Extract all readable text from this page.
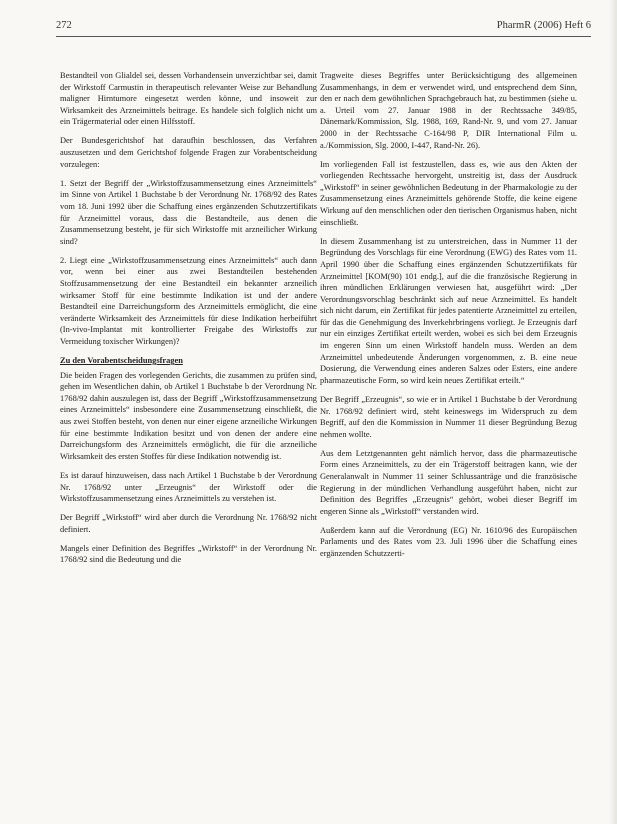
272	PharmR (2006) Heft 6

Bestandteil von Glialdel sei, dessen Vorhandensein unverzichtbar sei, damit der Wirkstoff Carmustin in therapeutisch relevanter Weise zur Behandlung maligner Hirntumore eingesetzt werden könne, und insoweit zur Wirksamkeit des Arzneimittels beitrage. Es handele sich folglich nicht um ein Trägermaterial oder einen Hilfsstoff.

Der Bundesgerichtshof hat daraufhin beschlossen, das Verfahren auszusetzen und dem Gerichtshof folgende Fragen zur Vorabentscheidung vorzulegen:

1. Setzt der Begriff der „Wirkstoffzusammensetzung eines Arzneimittels“ im Sinne von Artikel 1 Buchstabe b der Verordnung Nr. 1768/92 des Rates vom 18. Juni 1992 über die Schaffung eines ergänzenden Schutzzertifikats für Arzneimittel voraus, dass die Bestandteile, aus denen die Zusammensetzung besteht, je für sich Wirkstoffe mit arzneilicher Wirkung sind?

2. Liegt eine „Wirkstoffzusammensetzung eines Arzneimittels“ auch dann vor, wenn bei einer aus zwei Bestandteilen bestehenden Stoffzusammensetzung der eine Bestandteil ein bekannter arzneilich wirksamer Stoff für eine bestimmte Indikation ist und der andere Bestandteil eine Darreichungsform des Arzneimittels ermöglicht, die eine veränderte Wirksamkeit des Arzneimittels für diese Indikation herbeiführt (In-vivo-Implantat mit kontrollierter Freigabe des Wirkstoffs zur Vermeidung toxischer Wirkungen)?

Zu den Vorabentscheidungsfragen

Die beiden Fragen des vorlegenden Gerichts, die zusammen zu prüfen sind, gehen im Wesentlichen dahin, ob Artikel 1 Buchstabe b der Verordnung Nr. 1768/92 dahin auszulegen ist, dass der Begriff „Wirkstoffzusammensetzung eines Arzneimittels“ insbesondere eine Zusammensetzung einschließt, die aus zwei Stoffen besteht, von denen nur einer eigene arzneiliche Wirkungen für eine bestimmte Indikation besitzt und von denen der andere eine Darreichungsform des Arzneimittels ermöglicht, die für die arzneiliche Wirksamkeit des ersten Stoffes für diese Indikation notwendig ist.

Es ist darauf hinzuweisen, dass nach Artikel 1 Buchstabe b der Verordnung Nr. 1768/92 unter „Erzeugnis“ der Wirkstoff oder die Wirkstoffzusammensetzung eines Arzneimittels zu verstehen ist.

Der Begriff „Wirkstoff“ wird aber durch die Verordnung Nr. 1768/92 nicht definiert.

Mangels einer Definition des Begriffes „Wirkstoff“ in der Verordnung Nr. 1768/92 sind die Bedeutung und die

Tragweite dieses Begriffes unter Berücksichtigung des allgemeinen Zusammenhangs, in dem er verwendet wird, und entsprechend dem Sinn, den er nach dem gewöhnlichen Sprachgebrauch hat, zu bestimmen (siehe u. a. Urteil vom 27. Januar 1988 in der Rechtssache 349/85, Dänemark/Kommission, Slg. 1988, 169, Rand-Nr. 9, und vom 27. Januar 2000 in der Rechtssache C-164/98 P, DIR International Film u. a./Kommission, Slg. 2000, I-447, Rand-Nr. 26).

Im vorliegenden Fall ist festzustellen, dass es, wie aus den Akten der vorliegenden Rechtssache hervorgeht, unstreitig ist, dass der Ausdruck „Wirkstoff“ in seiner gewöhnlichen Bedeutung in der Pharmakologie zu der Zusammensetzung eines Arzneimittels gehörende Stoffe, die keine eigene Wirkung auf den menschlichen oder den tierischen Organismus haben, nicht einschließt.

In diesem Zusammenhang ist zu unterstreichen, dass in Nummer 11 der Begründung des Vorschlags für eine Verordnung (EWG) des Rates vom 11. April 1990 über die Schaffung eines ergänzenden Schutzzertifikats für Arzneimittel [KOM(90) 101 endg.], auf die die französische Regierung in ihren mündlichen Erklärungen verwiesen hat, ausgeführt wird: „Der Verordnungsvorschlag beschränkt sich auf neue Arzneimittel. Es handelt sich nicht darum, ein Zertifikat für jedes patentierte Arzneimittel zu erteilen, für das die Genehmigung des Inverkehrbringens vorliegt. Je Erzeugnis darf nur ein einziges Zertifikat erteilt werden, wobei es sich bei dem Erzeugnis im engeren Sinn um einen Wirkstoff handeln muss. Werden an dem Arzneimittel unbedeutende Änderungen vorgenommen, z. B. eine neue Dosierung, die Verwendung eines anderen Salzes oder Esters, eine andere pharmazeutische Form, so wird kein neues Zertifikat erteilt.“

Der Begriff „Erzeugnis“, so wie er in Artikel 1 Buchstabe b der Verordnung Nr. 1768/92 definiert wird, steht keineswegs im Widerspruch zu dem Begriff, auf den die Kommission in Nummer 11 dieser Begründung Bezug nehmen wollte.

Aus dem Letztgenannten geht nämlich hervor, dass die pharmazeutische Form eines Arzneimittels, zu der ein Trägerstoff beitragen kann, wie der Generalanwalt in Nummer 11 seiner Schlussanträge und die französische Regierung in der mündlichen Verhandlung ausgeführt haben, nicht zur Definition des Begriffes „Erzeugnis“ gehört, wobei dieser Begriff im engeren Sinne als „Wirkstoff“ verstanden wird.

Außerdem kann auf die Verordnung (EG) Nr. 1610/96 des Europäischen Parlaments und des Rates vom 23. Juli 1996 über die Schaffung eines ergänzenden Schutzzerti-
